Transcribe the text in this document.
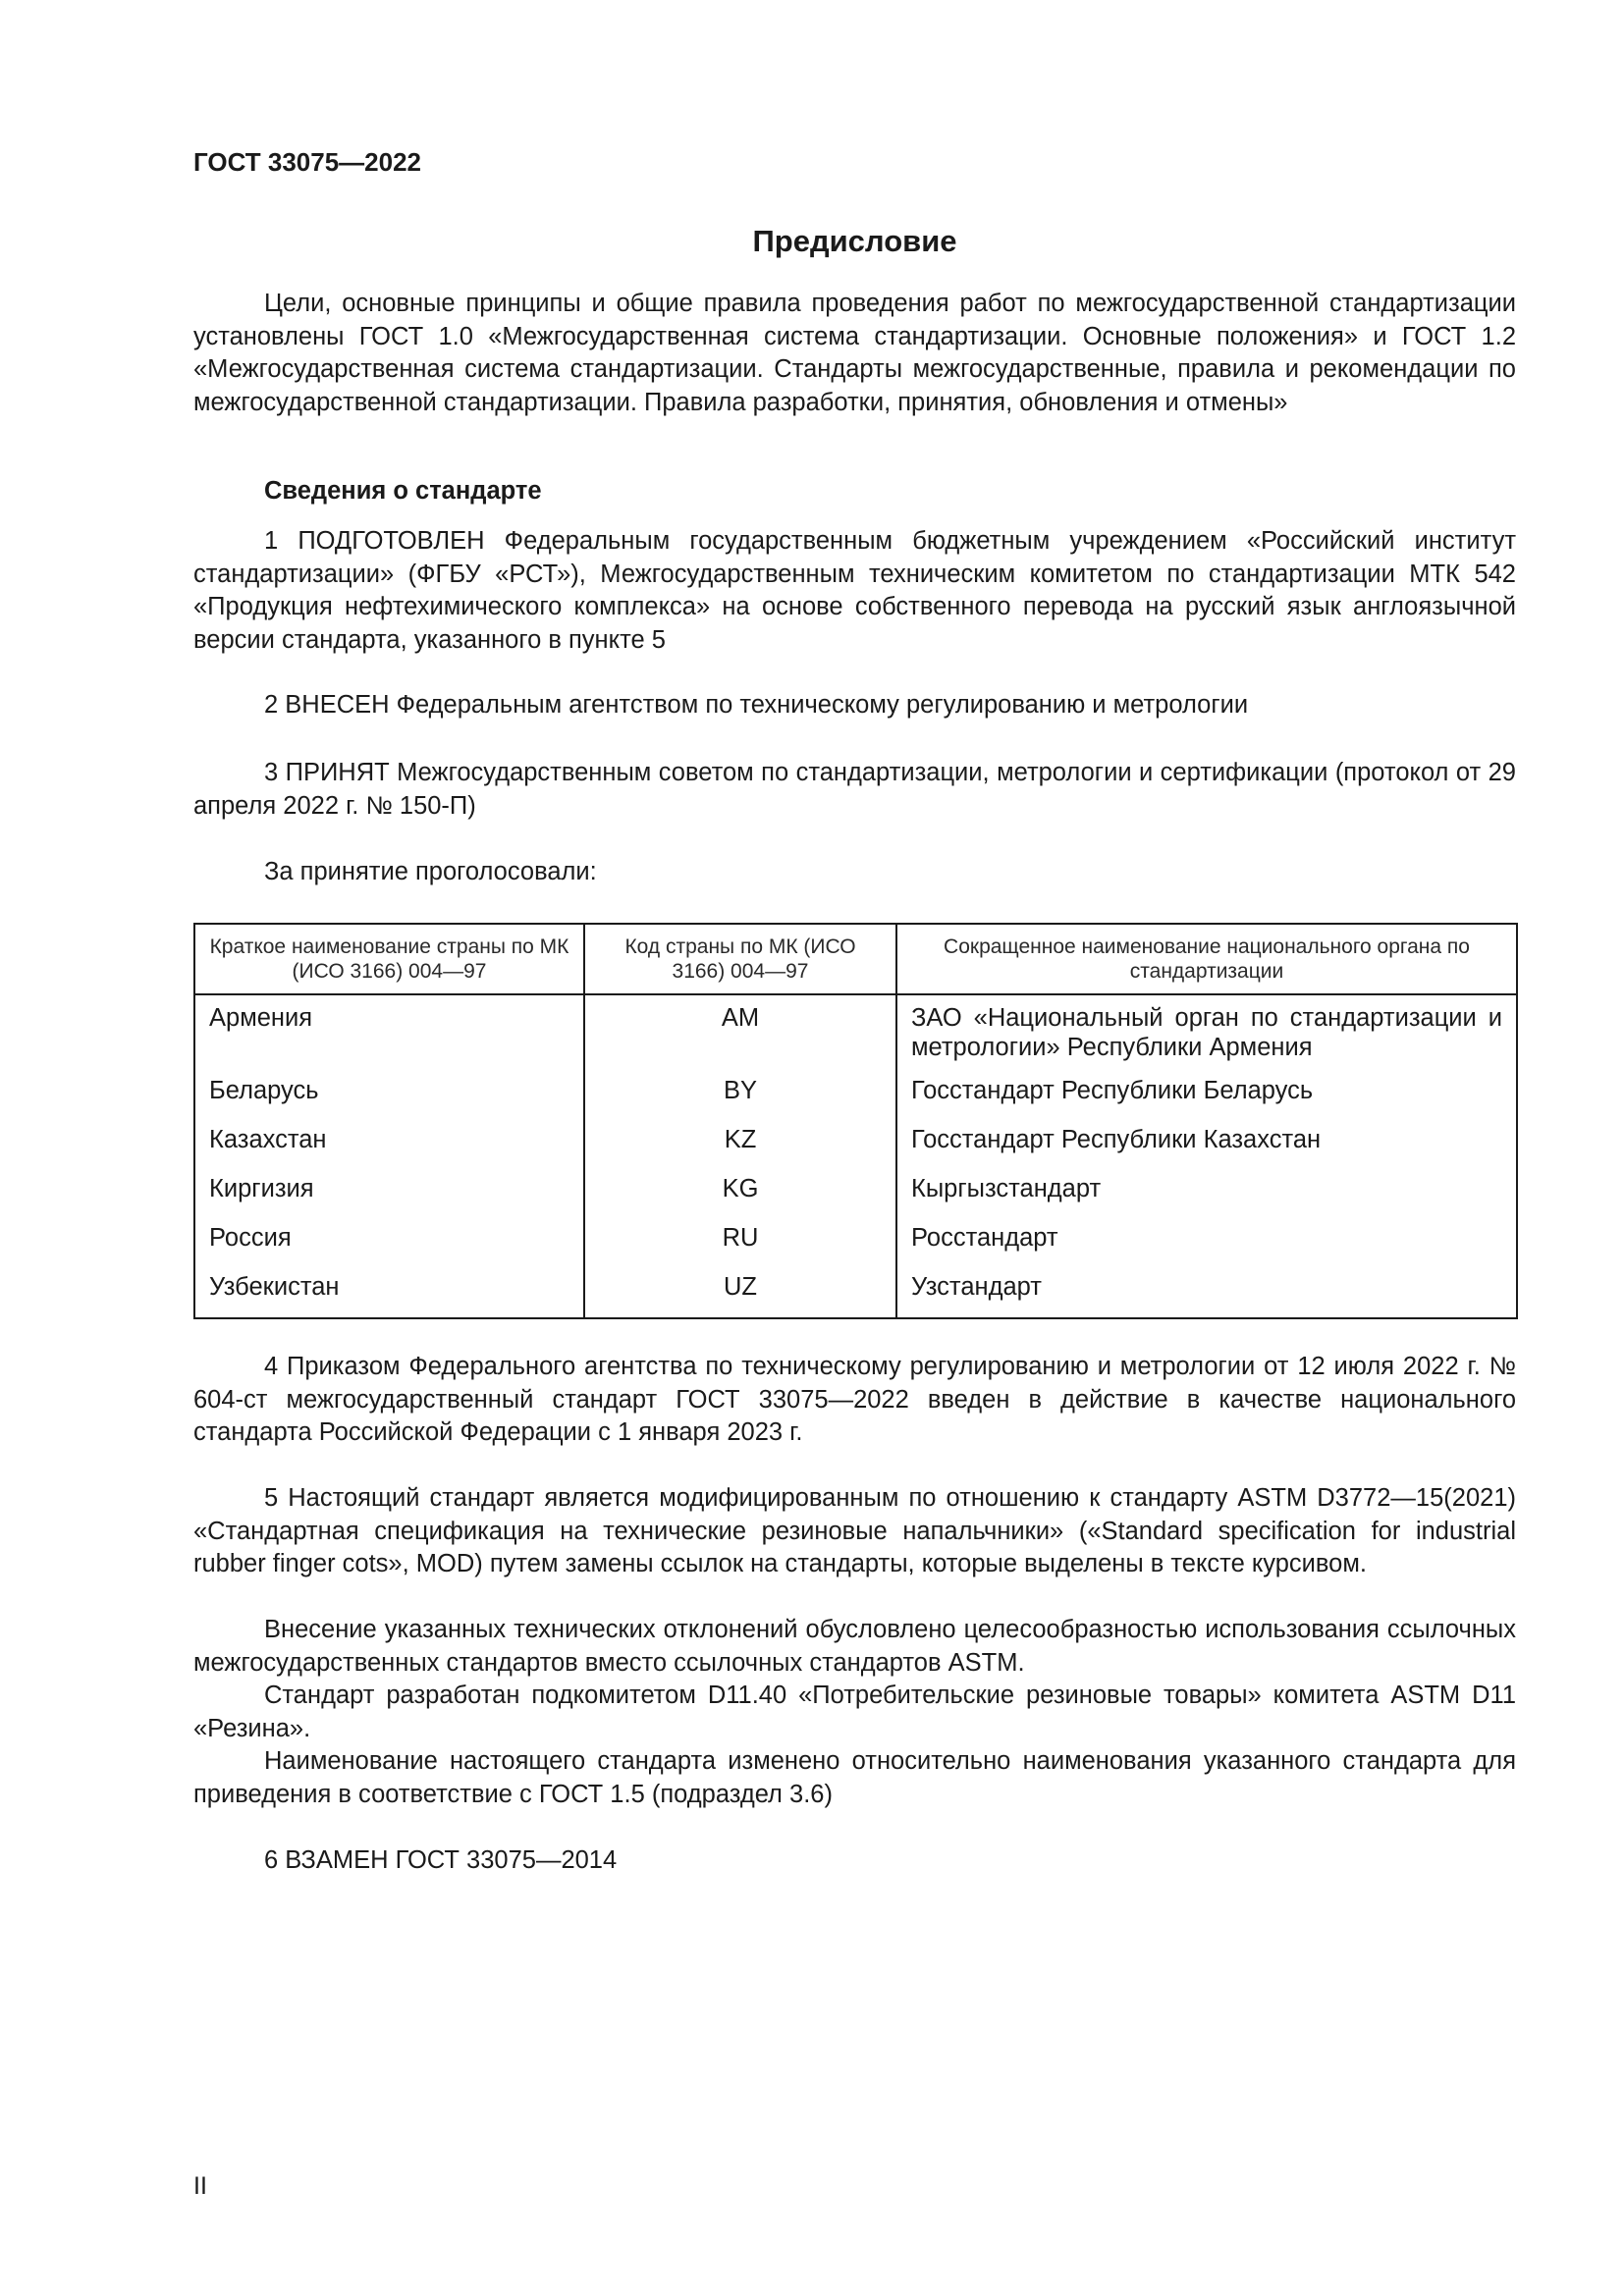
ГОСТ 33075—2022
Предисловие

Цели, основные принципы и общие правила проведения работ по межгосударственной стандартизации установлены ГОСТ 1.0 «Межгосударственная система стандартизации. Основные положения» и ГОСТ 1.2 «Межгосударственная система стандартизации. Стандарты межгосударственные, правила и рекомендации по межгосударственной стандартизации. Правила разработки, принятия, обновления и отмены»

Сведения о стандарте

1 ПОДГОТОВЛЕН Федеральным государственным бюджетным учреждением «Российский институт стандартизации» (ФГБУ «РСТ»), Межгосударственным техническим комитетом по стандартизации МТК 542 «Продукция нефтехимического комплекса» на основе собственного перевода на русский язык англоязычной версии стандарта, указанного в пункте 5

2 ВНЕСЕН Федеральным агентством по техническому регулированию и метрологии

3 ПРИНЯТ Межгосударственным советом по стандартизации, метрологии и сертификации (протокол от 29 апреля 2022 г. № 150-П)

За принятие проголосовали:

Краткое наименование страны по МК (ИСО 3166) 004—97	Код страны по МК (ИСО 3166) 004—97	Сокращенное наименование национального органа по стандартизации
Армения	AM	ЗАО «Национальный орган по стандартизации и метрологии» Республики Армения
Беларусь	BY	Госстандарт Республики Беларусь
Казахстан	KZ	Госстандарт Республики Казахстан
Киргизия	KG	Кыргызстандарт
Россия	RU	Росстандарт
Узбекистан	UZ	Узстандарт

4 Приказом Федерального агентства по техническому регулированию и метрологии от 12 июля 2022 г. № 604-ст межгосударственный стандарт ГОСТ 33075—2022 введен в действие в качестве национального стандарта Российской Федерации с 1 января 2023 г.

5 Настоящий стандарт является модифицированным по отношению к стандарту ASTM D3772—15(2021) «Стандартная спецификация на технические резиновые напальчники» («Standard specification for industrial rubber finger cots», MOD) путем замены ссылок на стандарты, которые выделены в тексте курсивом.

Внесение указанных технических отклонений обусловлено целесообразностью использования ссылочных межгосударственных стандартов вместо ссылочных стандартов ASTM.

Стандарт разработан подкомитетом D11.40 «Потребительские резиновые товары» комитета ASTM D11 «Резина».

Наименование настоящего стандарта изменено относительно наименования указанного стандарта для приведения в соответствие с ГОСТ 1.5 (подраздел 3.6)

6 ВЗАМЕН ГОСТ 33075—2014

II
